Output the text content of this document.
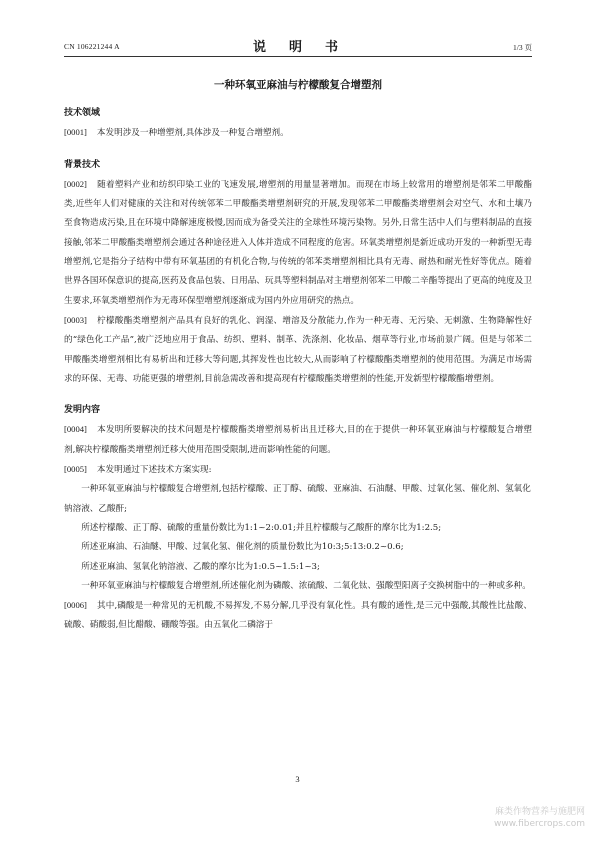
CN 106221244 A	说　明　书	1/3 页
一种环氧亚麻油与柠檬酸复合增塑剂

技术领域

[0001] 本发明涉及一种增塑剂,具体涉及一种复合增塑剂。

背景技术

[0002] 随着塑料产业和纺织印染工业的飞速发展,增塑剂的用量显著增加。而现在市场上较常用的增塑剂是邻苯二甲酸酯类,近些年人们对健康的关注和对传统邻苯二甲酸酯类增塑剂研究的开展,发现邻苯二甲酸酯类增塑剂会对空气、水和土壤乃至食物造成污染,且在环境中降解速度极慢,因而成为备受关注的全球性环境污染物。另外,日常生活中人们与塑料制品的直接接触,邻苯二甲酸酯类增塑剂会通过各种途径进入人体并造成不同程度的危害。环氧类增塑剂是新近成功开发的一种新型无毒增塑剂,它是指分子结构中带有环氧基团的有机化合物,与传统的邻苯类增塑剂相比具有无毒、耐热和耐光性好等优点。随着世界各国环保意识的提高,医药及食品包装、日用品、玩具等塑料制品对主增塑剂邻苯二甲酸二辛酯等提出了更高的纯度及卫生要求,环氧类增塑剂作为无毒环保型增塑剂逐渐成为国内外应用研究的热点。

[0003] 柠檬酸酯类增塑剂产品具有良好的乳化、润湿、增溶及分散能力,作为一种无毒、无污染、无刺激、生物降解性好的“绿色化工产品”,被广泛地应用于食品、纺织、塑料、制革、洗涤剂、化妆品、烟草等行业,市场前景广阔。但是与邻苯二甲酸酯类增塑剂相比有易析出和迁移大等问题,其挥发性也比较大,从而影响了柠檬酸酯类增塑剂的使用范围。为满足市场需求的环保、无毒、功能更强的增塑剂,目前急需改善和提高现有柠檬酸酯类增塑剂的性能,开发新型柠檬酸酯增塑剂。

发明内容

[0004] 本发明所要解决的技术问题是柠檬酸酯类增塑剂易析出且迁移大,目的在于提供一种环氧亚麻油与柠檬酸复合增塑剂,解决柠檬酸酯类增塑剂迁移大使用范围受限制,进而影响性能的问题。

[0005] 本发明通过下述技术方案实现:

一种环氧亚麻油与柠檬酸复合增塑剂,包括柠檬酸、正丁醇、硫酸、亚麻油、石油醚、甲酸、过氧化氢、催化剂、氢氧化钠溶液、乙酸酐;

所述柠檬酸、正丁醇、硫酸的重量份数比为1:1~2:0.01;并且柠檬酸与乙酸酐的摩尔比为1:2.5;

所述亚麻油、石油醚、甲酸、过氧化氢、催化剂的质量份数比为10:3;5:13:0.2~0.6;

所述亚麻油、氢氧化钠溶液、乙酸的摩尔比为1:0.5~1.5:1~3;

一种环氧亚麻油与柠檬酸复合增塑剂,所述催化剂为磷酸、浓硫酸、二氧化钛、强酸型阳离子交换树脂中的一种或多种。

[0006] 其中,磷酸是一种常见的无机酸,不易挥发,不易分解,几乎没有氧化性。具有酸的通性,是三元中强酸,其酸性比盐酸、硫酸、硝酸弱,但比醋酸、硼酸等强。由五氧化二磷溶于

3
麻类作物营养与施肥网
www.fibercrops.com
